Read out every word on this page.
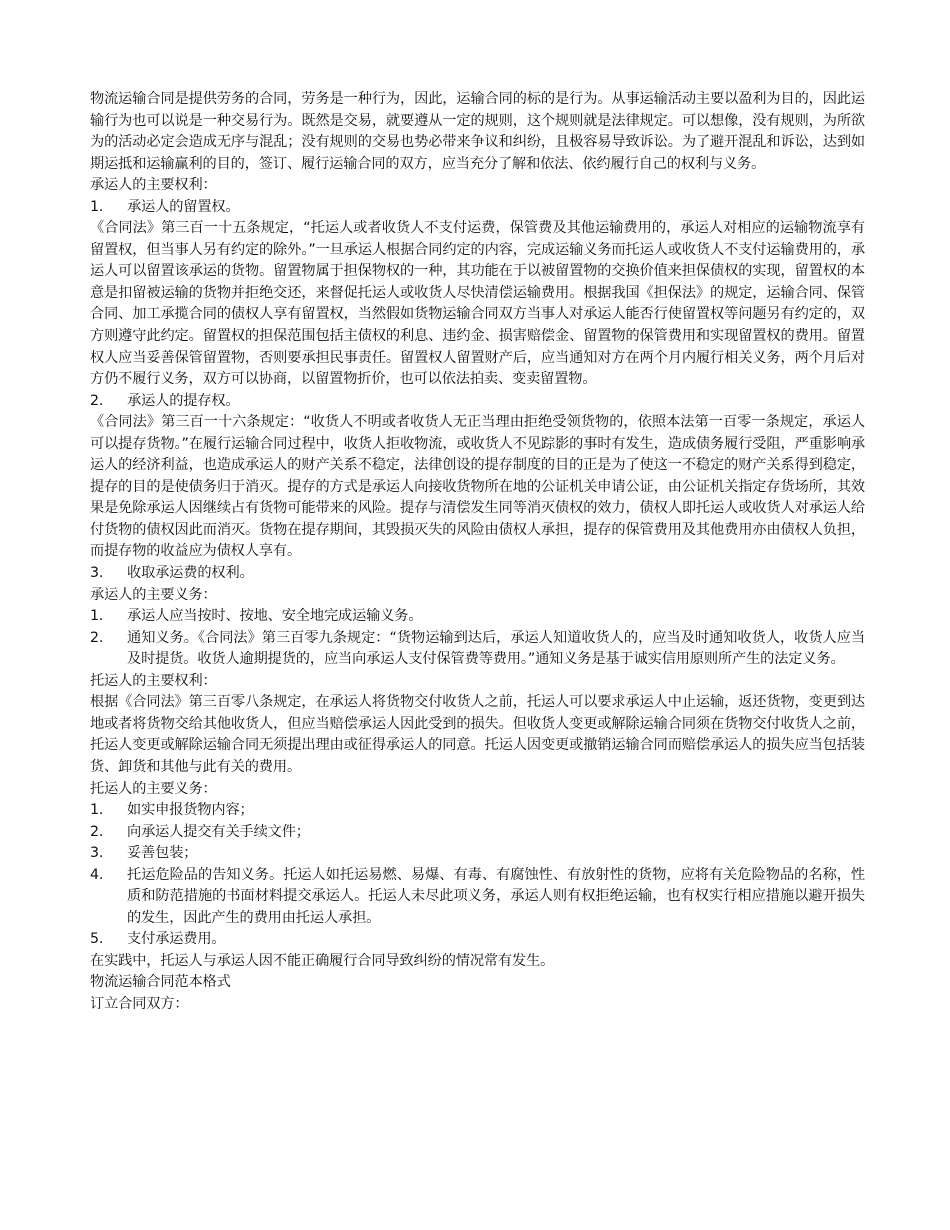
物流运输合同是提供劳务的合同，劳务是一种行为，因此，运输合同的标的是行为。从事运输活动主要以盈利为目的，因此运输行为也可以说是一种交易行为。既然是交易，就要遵从一定的规则，这个规则就是法律规定。可以想像，没有规则，为所欲为的活动必定会造成无序与混乱；没有规则的交易也势必带来争议和纠纷，且极容易导致诉讼。为了避开混乱和诉讼，达到如期运抵和运输赢利的目的，签订、履行运输合同的双方，应当充分了解和依法、依约履行自己的权利与义务。

承运人的主要权利：

1. 承运人的留置权。

《合同法》第三百一十五条规定，“托运人或者收货人不支付运费，保管费及其他运输费用的，承运人对相应的运输物流享有留置权，但当事人另有约定的除外。”一旦承运人根据合同约定的内容，完成运输义务而托运人或收货人不支付运输费用的，承运人可以留置该承运的货物。留置物属于担保物权的一种，其功能在于以被留置物的交换价值来担保债权的实现，留置权的本意是扣留被运输的货物并拒绝交还，来督促托运人或收货人尽快清偿运输费用。根据我国《担保法》的规定，运输合同、保管合同、加工承揽合同的债权人享有留置权，当然假如货物运输合同双方当事人对承运人能否行使留置权等问题另有约定的，双方则遵守此约定。留置权的担保范围包括主债权的利息、违约金、损害赔偿金、留置物的保管费用和实现留置权的费用。留置权人应当妥善保管留置物，否则要承担民事责任。留置权人留置财产后，应当通知对方在两个月内履行相关义务，两个月后对方仍不履行义务，双方可以协商，以留置物折价，也可以依法拍卖、变卖留置物。

2. 承运人的提存权。

《合同法》第三百一十六条规定：“收货人不明或者收货人无正当理由拒绝受领货物的，依照本法第一百零一条规定，承运人可以提存货物。”在履行运输合同过程中，收货人拒收物流，或收货人不见踪影的事时有发生，造成债务履行受阻，严重影响承运人的经济利益，也造成承运人的财产关系不稳定，法律创设的提存制度的目的正是为了使这一不稳定的财产关系得到稳定，提存的目的是使债务归于消灭。提存的方式是承运人向接收货物所在地的公证机关申请公证，由公证机关指定存货场所，其效果是免除承运人因继续占有货物可能带来的风险。提存与清偿发生同等消灭债权的效力，债权人即托运人或收货人对承运人给付货物的债权因此而消灭。货物在提存期间，其毁损灭失的风险由债权人承担，提存的保管费用及其他费用亦由债权人负担，而提存物的收益应为债权人享有。

3. 收取承运费的权利。

承运人的主要义务：

1. 承运人应当按时、按地、安全地完成运输义务。

2. 通知义务。《合同法》第三百零九条规定：“货物运输到达后，承运人知道收货人的，应当及时通知收货人，收货人应当及时提货。收货人逾期提货的，应当向承运人支付保管费等费用。”通知义务是基于诚实信用原则所产生的法定义务。

托运人的主要权利：

根据《合同法》第三百零八条规定，在承运人将货物交付收货人之前，托运人可以要求承运人中止运输，返还货物，变更到达地或者将货物交给其他收货人，但应当赔偿承运人因此受到的损失。但收货人变更或解除运输合同须在货物交付收货人之前，托运人变更或解除运输合同无须提出理由或征得承运人的同意。托运人因变更或撤销运输合同而赔偿承运人的损失应当包括装货、卸货和其他与此有关的费用。

托运人的主要义务：

1. 如实申报货物内容；

2. 向承运人提交有关手续文件；

3. 妥善包装；

4. 托运危险品的告知义务。托运人如托运易燃、易爆、有毒、有腐蚀性、有放射性的货物，应将有关危险物品的名称，性质和防范措施的书面材料提交承运人。托运人未尽此项义务，承运人则有权拒绝运输，也有权实行相应措施以避开损失的发生，因此产生的费用由托运人承担。

5. 支付承运费用。

在实践中，托运人与承运人因不能正确履行合同导致纠纷的情况常有发生。

物流运输合同范本格式

订立合同双方：
